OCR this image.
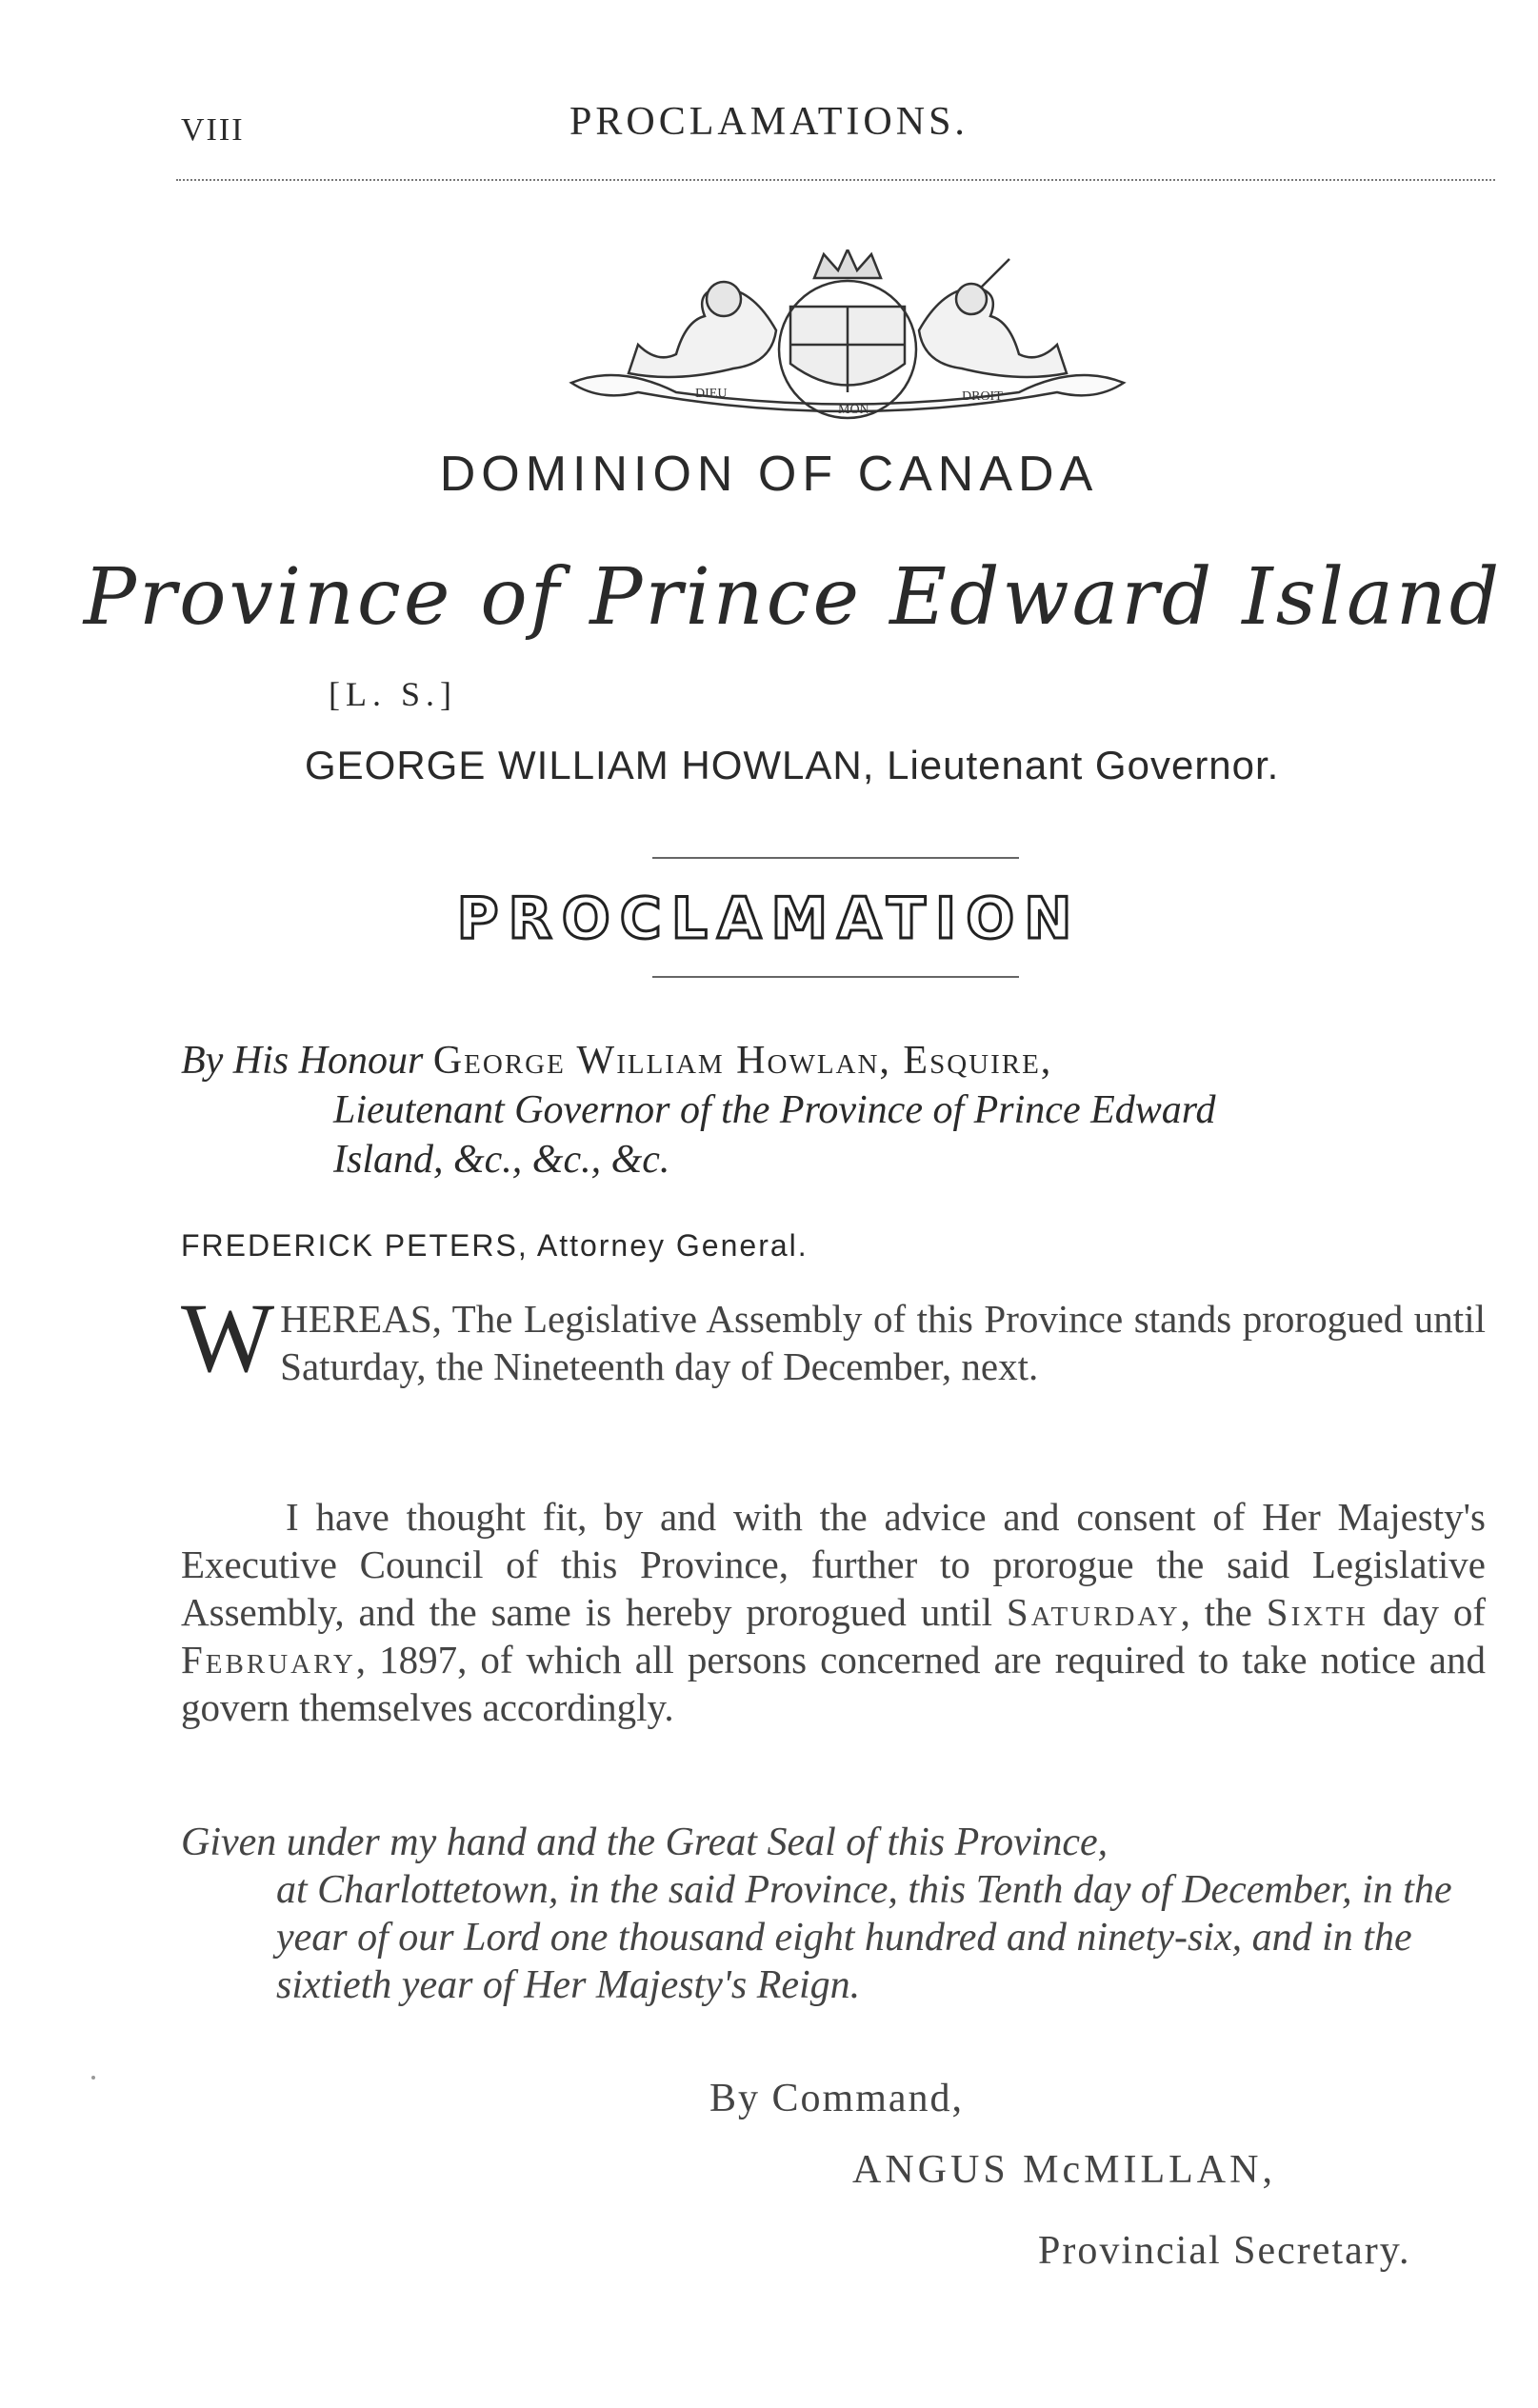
VIII	PROCLAMATIONS.
DIEU
MON
DROIT
DOMINION OF CANADA
Province of Prince Edward Island
[L. S.]
GEORGE WILLIAM HOWLAN, Lieutenant Governor.
PROCLAMATION
By His Honour George William Howlan, Esquire,
Lieutenant Governor of the Province of Prince Edward
Island, &c., &c., &c.
FREDERICK PETERS, Attorney General.
WHEREAS, The Legislative Assembly of this Province stands prorogued until Saturday, the Nineteenth day of December, next.
I have thought fit, by and with the advice and consent of Her Majesty's Executive Council of this Province, further to prorogue the said Legislative Assembly, and the same is hereby prorogued until Saturday, the Sixth day of February, 1897, of which all persons concerned are required to take notice and govern themselves accordingly.
Given under my hand and the Great Seal of this Province,
at Charlottetown, in the said Province, this Tenth day of December, in the year of our Lord one thousand eight hundred and ninety-six, and in the sixtieth year of Her Majesty's Reign.
By Command,
ANGUS McMILLAN,
Provincial Secretary.
